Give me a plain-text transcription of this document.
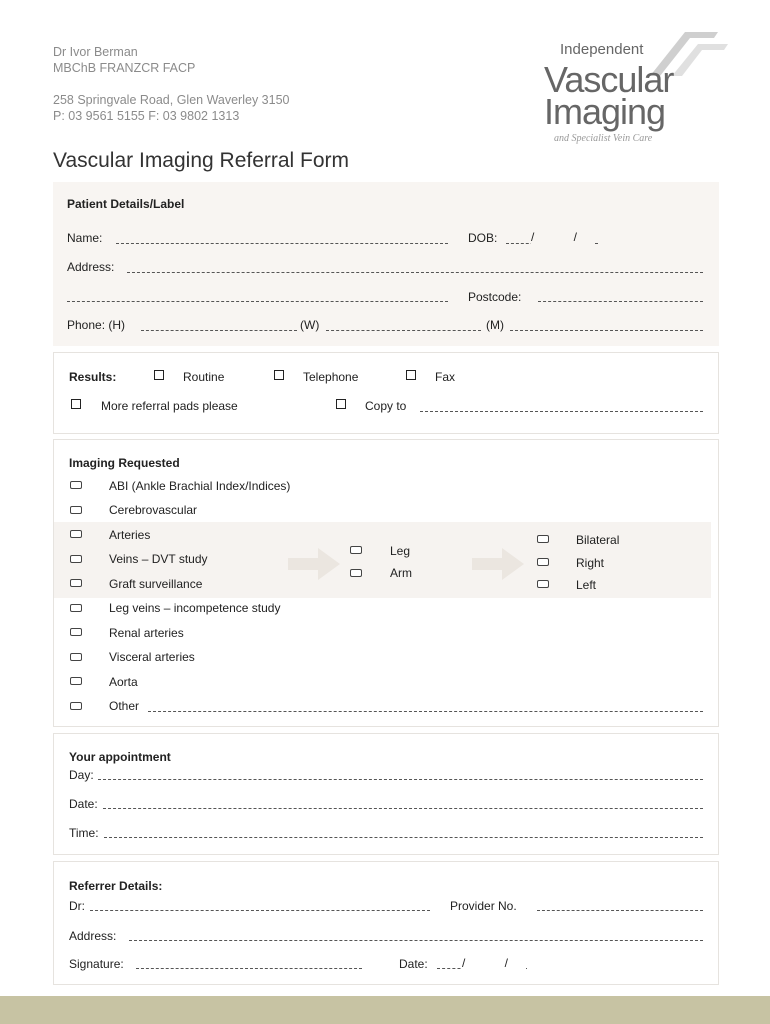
Dr Ivor Berman
MBChB FRANZCR FACP
258 Springvale Road, Glen Waverley 3150
P: 03 9561 5155 F: 03 9802 1313
Independent
Vascular
Imaging
and Specialist Vein Care
Vascular Imaging Referral Form
Patient Details/Label
Name:	DOB:	/ /
Address:
Postcode:
Phone: (H)	(W)	(M)
Results:	Routine	Telephone	Fax
More referral pads please	Copy to
Imaging Requested
ABI (Ankle Brachial Index/Indices)
Cerebrovascular
Arteries
Veins – DVT study
Graft surveillance
Leg veins – incompetence study
Renal arteries
Visceral arteries
Aorta
Other
Leg
Arm
Bilateral
Right
Left
Your appointment
Day:
Date:
Time:
Referrer Details:
Dr:	Provider No.
Address:
Signature:	Date:	/ /
